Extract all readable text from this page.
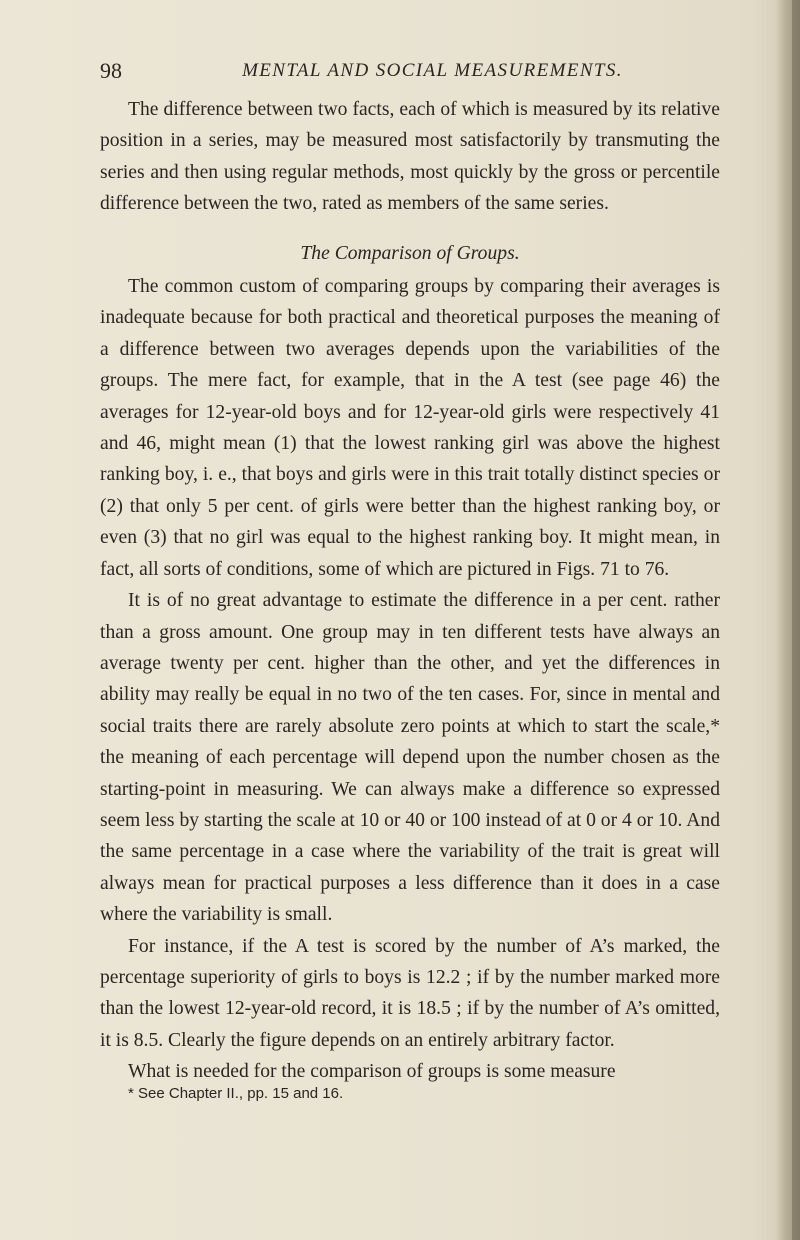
98	MENTAL AND SOCIAL MEASUREMENTS.

The difference between two facts, each of which is measured by its relative position in a series, may be measured most satisfactorily by transmuting the series and then using regular methods, most quickly by the gross or percentile difference between the two, rated as members of the same series.

The Comparison of Groups.

The common custom of comparing groups by comparing their averages is inadequate because for both practical and theoretical purposes the meaning of a difference between two averages depends upon the variabilities of the groups. The mere fact, for example, that in the A test (see page 46) the averages for 12-year-old boys and for 12-year-old girls were respectively 41 and 46, might mean (1) that the lowest ranking girl was above the highest ranking boy, i. e., that boys and girls were in this trait totally distinct species or (2) that only 5 per cent. of girls were better than the highest ranking boy, or even (3) that no girl was equal to the highest ranking boy. It might mean, in fact, all sorts of conditions, some of which are pictured in Figs. 71 to 76.

It is of no great advantage to estimate the difference in a per cent. rather than a gross amount. One group may in ten different tests have always an average twenty per cent. higher than the other, and yet the differences in ability may really be equal in no two of the ten cases. For, since in mental and social traits there are rarely absolute zero points at which to start the scale,* the meaning of each percentage will depend upon the number chosen as the starting-point in measuring. We can always make a difference so expressed seem less by starting the scale at 10 or 40 or 100 instead of at 0 or 4 or 10. And the same percentage in a case where the variability of the trait is great will always mean for practical purposes a less difference than it does in a case where the variability is small.

For instance, if the A test is scored by the number of A’s marked, the percentage superiority of girls to boys is 12.2 ; if by the number marked more than the lowest 12-year-old record, it is 18.5 ; if by the number of A’s omitted, it is 8.5. Clearly the figure depends on an entirely arbitrary factor.

What is needed for the comparison of groups is some measure

* See Chapter II., pp. 15 and 16.
